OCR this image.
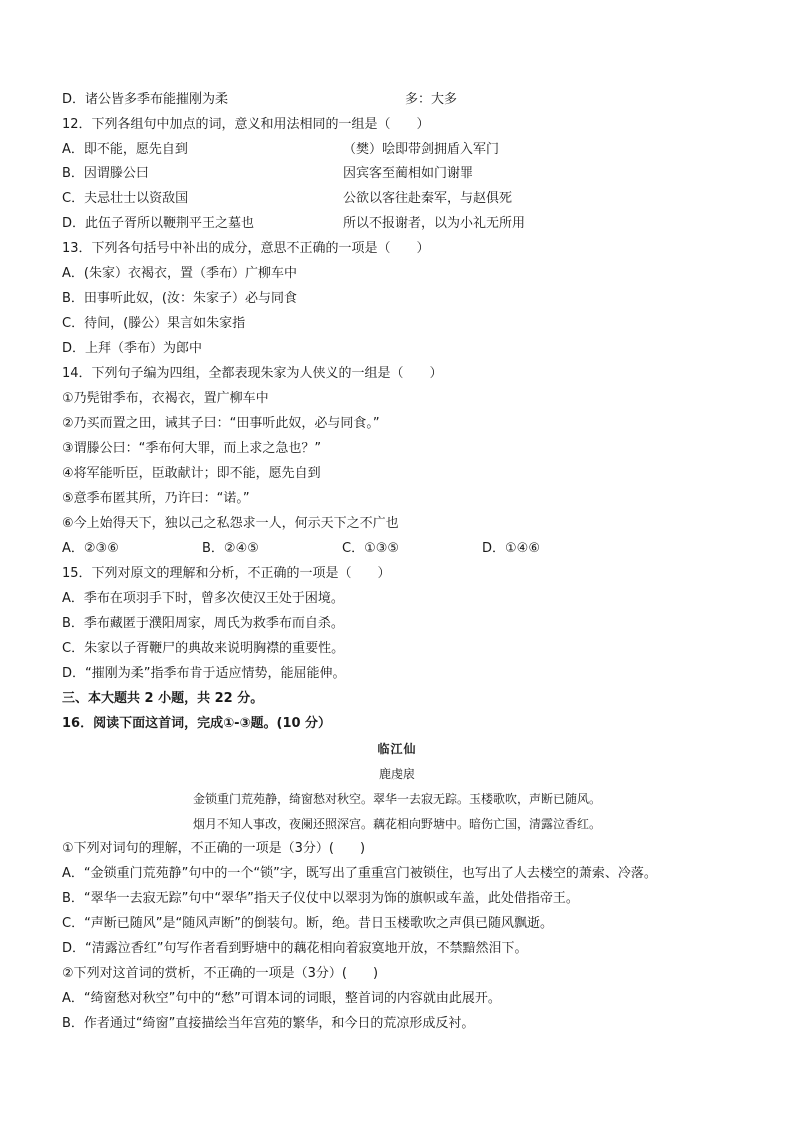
D．诸公皆多季布能摧刚为柔	多：大多
12．下列各组句中加点的词，意义和用法相同的一组是（　　）
A．即不能，愿先自到	（樊）哙即带剑拥盾入军门
B．因谓滕公曰	因宾客至蔺相如门谢罪
C．夫忌壮士以资敌国	公欲以客往赴秦军，与赵俱死
D．此伍子胥所以鞭荆平王之墓也	所以不报谢者，以为小礼无所用
13．下列各句括号中补出的成分，意思不正确的一项是（　　）
A．(朱家）衣褐衣，置（季布）广柳车中
B．田事听此奴，(汝：朱家子）必与同食
C．待间，(滕公）果言如朱家指
D．上拜（季布）为郎中
14．下列句子编为四组，全都表现朱家为人侠义的一组是（　　）
①乃髡钳季布，衣褐衣，置广柳车中
②乃买而置之田，诫其子曰：“田事听此奴，必与同食。”
③谓滕公曰：“季布何大罪，而上求之急也？”
④将军能听臣，臣敢献计；即不能，愿先自到
⑤意季布匿其所，乃许曰：“诺。”
⑥今上始得天下，独以己之私怨求一人，何示天下之不广也
A．②③⑥	B．②④⑤	C．①③⑤	D．①④⑥
15．下列对原文的理解和分析，不正确的一项是（　　）
A．季布在项羽手下时，曾多次使汉王处于困境。
B．季布藏匿于濮阳周家，周氏为救季布而自杀。
C．朱家以子胥鞭尸的典故来说明胸襟的重要性。
D．“摧刚为柔”指季布肯于适应情势，能屈能伸。
三、本大题共 2 小题，共 22 分。
16．阅读下面这首词，完成①-③题。(10 分）
临江仙
鹿虔扆
金锁重门荒苑静，绮窗愁对秋空。翠华一去寂无踪。玉楼歌吹，声断已随风。
烟月不知人事改，夜阑还照深宫。藕花相向野塘中。暗伤亡国，清露泣香红。
①下列对词句的理解，不正确的一项是（3分）(　　)
A．“金锁重门荒苑静”句中的一个“锁”字，既写出了重重宫门被锁住，也写出了人去楼空的萧索、冷落。
B．“翠华一去寂无踪”句中“翠华”指天子仪仗中以翠羽为饰的旗帜或车盖，此处借指帝王。
C．“声断已随风”是“随风声断”的倒装句。断，绝。昔日玉楼歌吹之声俱已随风飘逝。
D．“清露泣香红”句写作者看到野塘中的藕花相向着寂寞地开放，不禁黯然泪下。
②下列对这首词的赏析，不正确的一项是（3分）(　　)
A．“绮窗愁对秋空”句中的“愁”可谓本词的词眼，整首词的内容就由此展开。
B．作者通过“绮窗”直接描绘当年宫苑的繁华，和今日的荒凉形成反衬。
